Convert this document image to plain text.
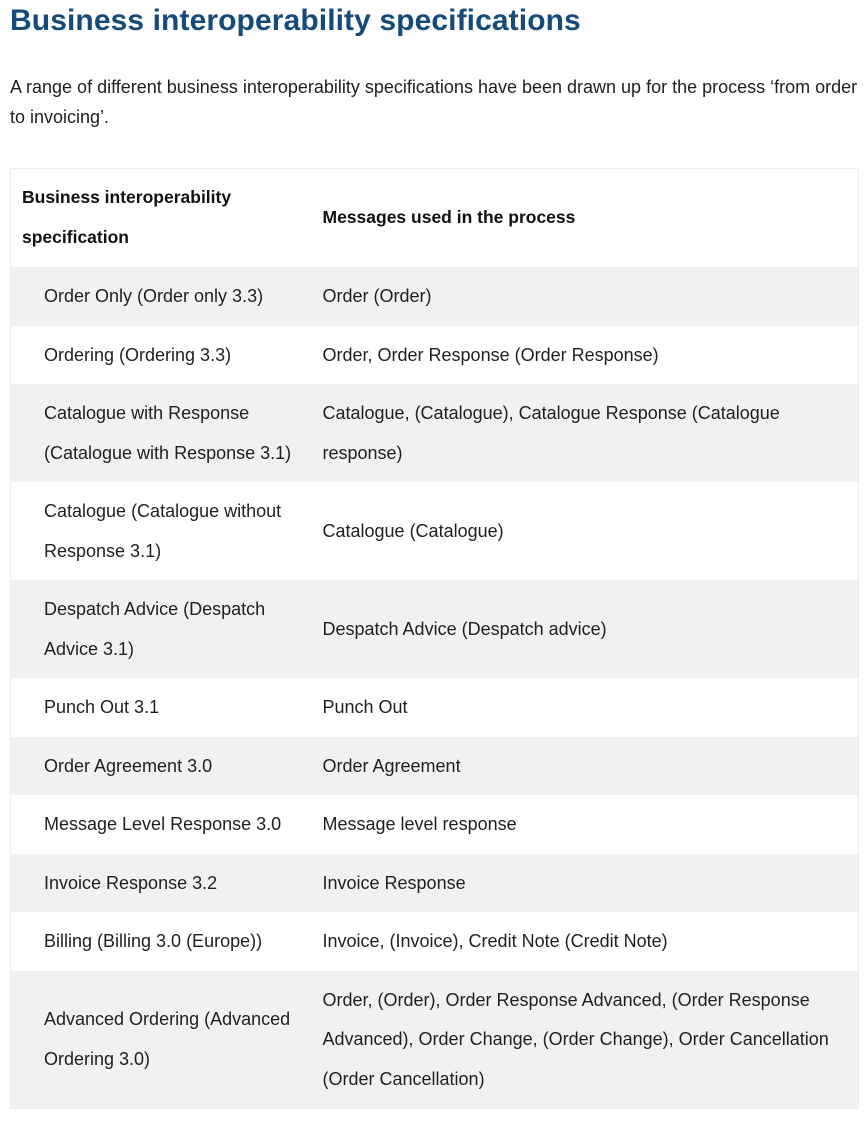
Business interoperability specifications

A range of different business interoperability specifications have been drawn up for the process ‘from order to invoicing’.

Business interoperability specification	Messages used in the process
Order Only (Order only 3.3)	Order (Order)
Ordering (Ordering 3.3)	Order, Order Response (Order Response)
Catalogue with Response (Catalogue with Response 3.1)	Catalogue, (Catalogue), Catalogue Response (Catalogue response)
Catalogue (Catalogue without Response 3.1)	Catalogue (Catalogue)
Despatch Advice (Despatch Advice 3.1)	Despatch Advice (Despatch advice)
Punch Out 3.1	Punch Out
Order Agreement 3.0	Order Agreement
Message Level Response 3.0	Message level response
Invoice Response 3.2	Invoice Response
Billing (Billing 3.0 (Europe))	Invoice, (Invoice), Credit Note (Credit Note)
Advanced Ordering (Advanced Ordering 3.0)	Order, (Order), Order Response Advanced, (Order Response Advanced), Order Change, (Order Change), Order Cancellation (Order Cancellation)
